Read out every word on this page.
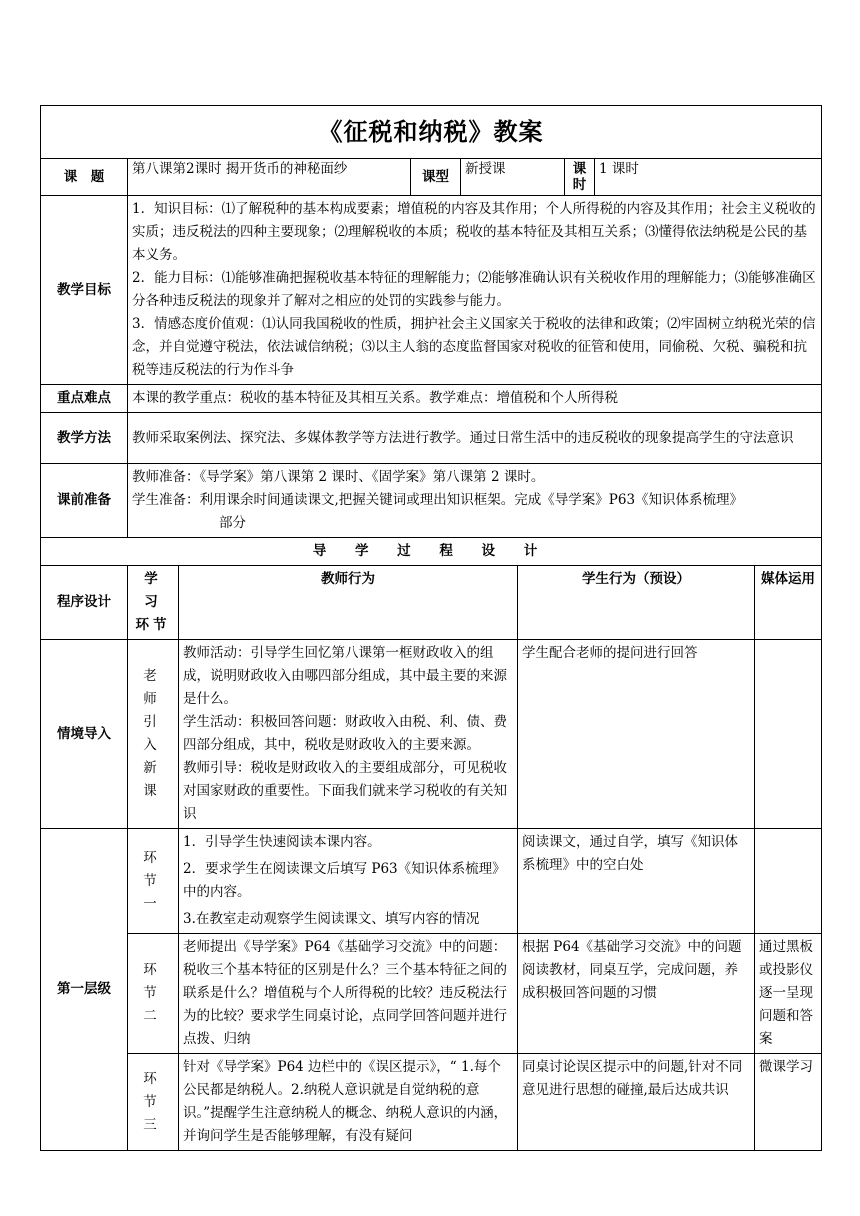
《征税和纳税》教案								
课　题	第八课第2课时 揭开货币的神秘面纱		课型	新授课		课时	1 课时	
教学目标	1．知识目标：⑴了解税种的基本构成要素；增值税的内容及其作用；个人所得税的内容及其作用；社会主义税收的实质；违反税法的四种主要现象；⑵理解税收的本质；税收的基本特征及其相互关系；⑶懂得依法纳税是公民的基本义务。

2．能力目标：⑴能够准确把握税收基本特征的理解能力；⑵能够准确认识有关税收作用的理解能力；⑶能够准确区分各种违反税法的现象并了解对之相应的处罚的实践参与能力。

3．情感态度价值观：⑴认同我国税收的性质，拥护社会主义国家关于税收的法律和政策；⑵牢固树立纳税光荣的信念，并自觉遵守税法，依法诚信纳税；⑶以主人翁的态度监督国家对税收的征管和使用，同偷税、欠税、骗税和抗税等违反税法的行为作斗争							

重点难点	本课的教学重点：税收的基本特征及其相互关系。教学难点：增值税和个人所得税							
教学方法	教师采取案例法、探究法、多媒体教学等方法进行教学。通过日常生活中的违反税收的现象提高学生的守法意识							
课前准备	教师准备：《导学案》第八课第 2 课时、《固学案》第八课第 2 课时。

学生准备：利用课余时间通读课文,把握关键词或理出知识框架。完成《导学案》P63《知识体系梳理》

部分							

导 学 过 程 设 计								
程序设计	学 习 环节	教师行为			学生行为（预设）			媒体运用
情境导入	老 师 引 入 新课	教师活动：引导学生回忆第八课第一框财政收入的组成，说明财政收入由哪四部分组成，其中最主要的来源是什么。

学生活动：积极回答问题：财政收入由税、利、债、费四部分组成，其中，税收是财政收入的主要来源。

教师引导：税收是财政收入的主要组成部分，可见税收对国家财政的重要性。下面我们就来学习税收的有关知识			学生配合老师的提问进行回答			
第一层级	环 节 一	1．引导学生快速阅读本课内容。

2．要求学生在阅读课文后填写 P63《知识体系梳理》中的内容。

3.在教室走动观察学生阅读课文、填写内容的情况			阅读课文，通过自学，填写《知识体系梳理》中的空白处			
	环 节 二	老师提出《导学案》P64《基础学习交流》中的问题：税收三个基本特征的区别是什么？三个基本特征之间的联系是什么？增值税与个人所得税的比较？违反税法行为的比较？要求学生同桌讨论，点同学回答问题并进行点拨、归纳			根据 P64《基础学习交流》中的问题阅读教材，同桌互学，完成问题，养成积极回答问题的习惯			通过黑板或投影仪逐一呈现问题和答案
	环 节 三	针对《导学案》P64 边栏中的《误区提示》，“ 1.每个公民都是纳税人。2.纳税人意识就是自觉纳税的意识。”提醒学生注意纳税人的概念、纳税人意识的内涵，并询问学生是否能够理解，有没有疑问			同桌讨论误区提示中的问题,针对不同意见进行思想的碰撞,最后达成共识			微课学习
